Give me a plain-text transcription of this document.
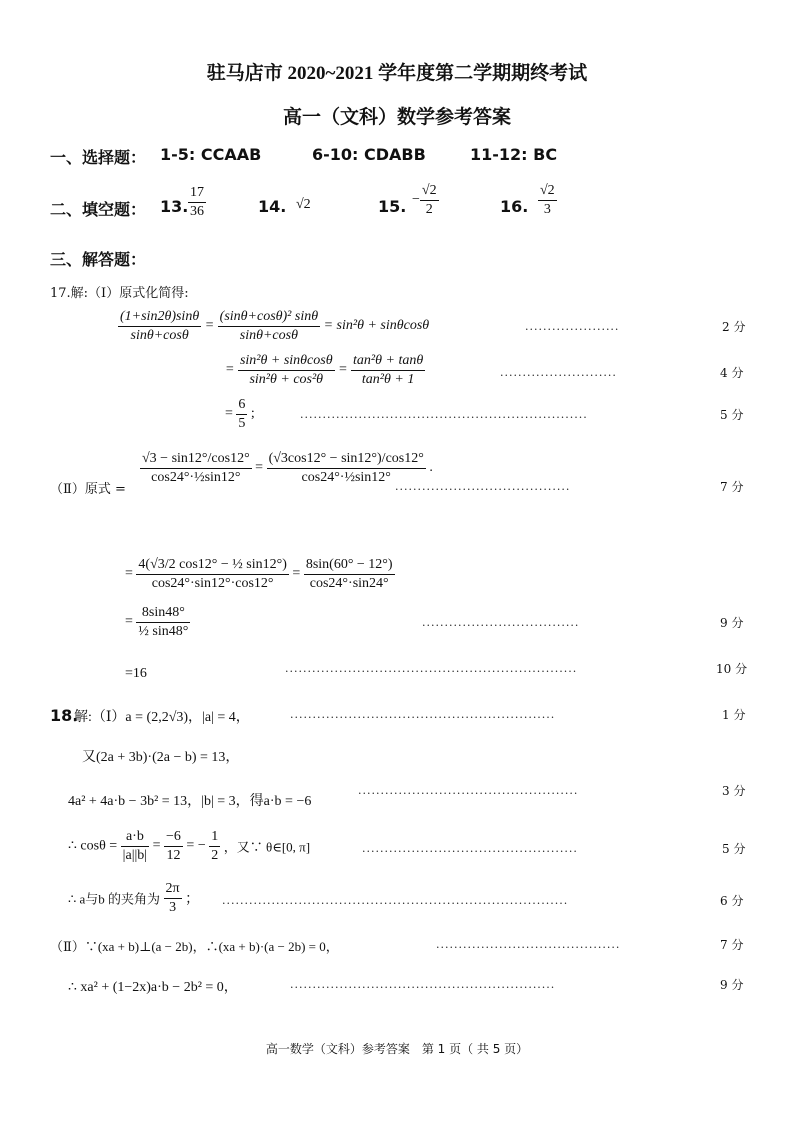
驻马店市 2020~2021 学年度第二学期期终考试
高一（文科）数学参考答案
一、选择题： 1-5: CCAAB	6-10: CDABB	11-12: BC
二、填空题： 13. $\frac{17}{36}$	14. √2	15. − $\frac{√2}{2}$	16. $\frac{√2}{3}$
三、解答题：
17.解:（Ⅰ）原式化简得:
$\frac{(1+\sin 2\theta)\sin\theta}{\sin\theta+\cos\theta} = \frac{\text{(sinθ+cosθ)² sinθ}}{\sin\theta+\cos\theta} = \sin^2\theta + \sin\theta\cos\theta$	.....................	2 分
= $\frac{\text{sin²θ + sinθcosθ}}{\text{sin²θ + cos²θ}} = \frac{\text{tan²θ + tanθ}}{\text{tan²θ + 1}}$	..........................	4 分
= $\frac{6}{5}$ ;	................................................................	5 分
（Ⅱ）原式 =
$\frac{√3 - \sin 12^\circ/\cos 12^\circ}{\text{cos24°·½sin12°}} = \frac{(√3\cos 12^\circ - \sin 12^\circ)/\cos 12^\circ}{\text{cos24°·½sin12°}}$ .
.......................................	7 分
= $\frac{\text{4(√3/2 cos12° − ½ sin12°)}}{\cos 24^\circ\cdot\sin 12^\circ\cdot\cos 12^\circ} = \frac{8\sin(60^\circ - 12^\circ)}{\cos 24^\circ\cdot\sin 24^\circ}$
= $\frac{8\sin 48^\circ}{\text{½ sin48°}}$	...................................	9 分
=16	.................................................................	10 分
18.
解:（Ⅰ）a = (2,2√3)，|a| = 4，	...........................................................	1 分
又(2a + 3b)·(2a − b) = 13，
4a² + 4a·b − 3b² = 13，|b| = 3，得a·b = −6
.................................................	3 分
∴ $\cos\theta = \frac{a\cdot b}{|a||b|} = \frac{-6}{12}$ = − $\frac{1}{2}$ ，又∵ θ∈[0, π]	................................................	5 分
∴ a与b 的夹角为 $\frac{2\pi}{3}$ ； .............................................................................	6 分
（Ⅱ）∵(xa + b)⊥(a − 2b)，∴(xa + b)·(a − 2b) = 0，	.........................................	7 分
∴ xa² + (1−2x)a·b − 2b² = 0，	...........................................................	9 分
高一数学（文科）参考答案　第 1 页（ 共 5 页）
